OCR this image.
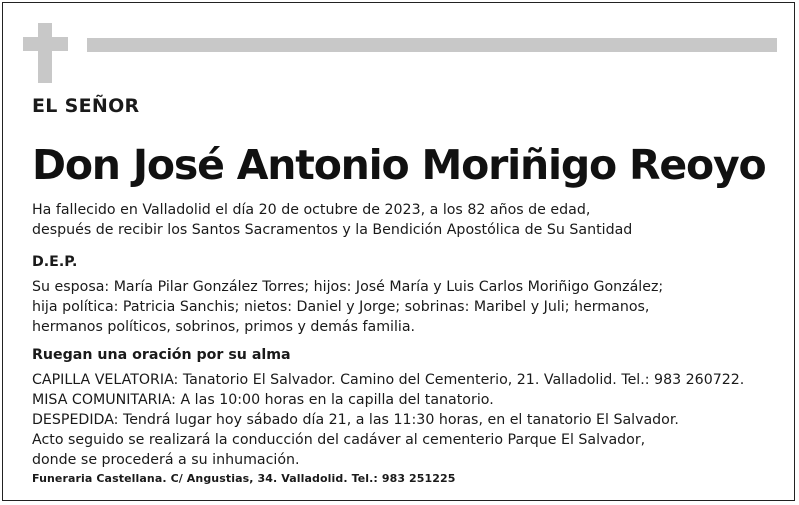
EL SEÑOR
Don José Antonio Moriñigo Reoyo
Ha fallecido en Valladolid el día 20 de octubre de 2023, a los 82 años de edad,
después de recibir los Santos Sacramentos y la Bendición Apostólica de Su Santidad
D.E.P.
Su esposa: María Pilar González Torres; hijos: José María y Luis Carlos Moriñigo González;
hija política: Patricia Sanchis; nietos: Daniel y Jorge; sobrinas: Maribel y Juli; hermanos,
hermanos políticos, sobrinos, primos y demás familia.
Ruegan una oración por su alma
CAPILLA VELATORIA: Tanatorio El Salvador. Camino del Cementerio, 21. Valladolid. Tel.: 983 260722.
MISA COMUNITARIA: A las 10:00 horas en la capilla del tanatorio.
DESPEDIDA: Tendrá lugar hoy sábado día 21, a las 11:30 horas, en el tanatorio El Salvador.
Acto seguido se realizará la conducción del cadáver al cementerio Parque El Salvador,
donde se procederá a su inhumación.
Funeraria Castellana. C/ Angustias, 34. Valladolid. Tel.: 983 251225
